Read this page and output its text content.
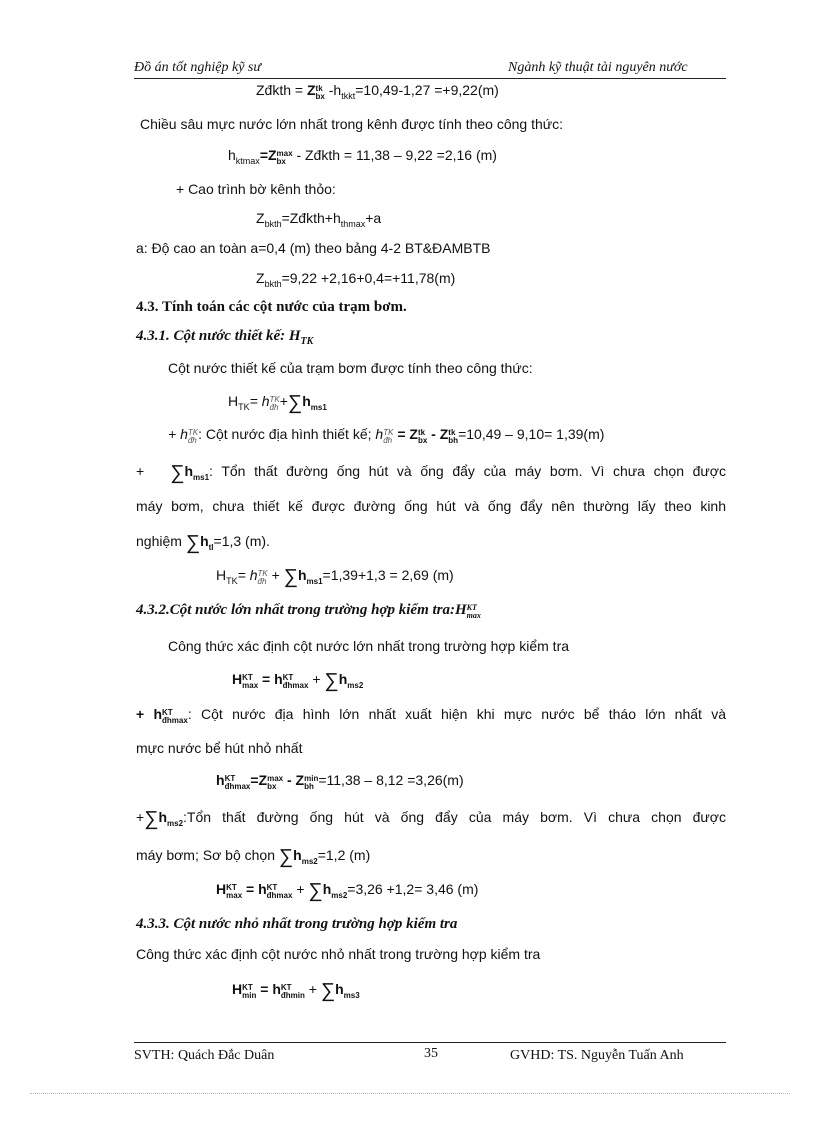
Đồ án tốt nghiệp kỹ sư	Ngành kỹ thuật tài nguyên nước
Zđkth = Z tk
bx $-h_{tkkt}=10,49-1,27 =+9,22(m)$
Chiều sâu mực nước lớn nhất trong kênh được tính theo công thức:
$h_{ktmax}=Z$ max
bx - Zđkth = 11,38 – 9,22 =2,16 (m)
+ Cao trình bờ kênh thỏo:
$Z_{bkth}=Zđkth+h_{thmax}+a$
a: Độ cao an toàn a=0,4 (m) theo bảng 4-2 BT&ĐAMBTB
$Z_{bkth}=9,22 +2,16+0,4=+11,78(m)$
4.3. Tính toán các cột nước của trạm bơm.
4.3.1. Cột nước thiết kế: $H_{TK}$
Cột nước thiết kế của trạm bơm được tính theo công thức:
$H_{TK}= h$ TK
đh $+\sum h_{ms1}$
+ h TK
đh : Cột nước địa hình thiết kế; h TK
đh = Z tk
bx - Z tk
bh =10,49 – 9,10= 1,39(m)
+ $\sum h_{ms1}$: Tổn thất đường ống hút và ống đẩy của máy bơm. Vì chưa chọn được
máy bơm, chưa thiết kế được đường ống hút và ống đẩy nên thường lấy theo kinh
nghiệm $\sum h_{tl}=1,3$ (m).
$H_{TK}= h$ TK
đh + $\sum h_{ms1}=1,39+1,3 = 2,69$ (m)
4.3.2.Cột nước lớn nhất trong trường hợp kiểm tra:H KT
max
Công thức xác định cột nước lớn nhất trong trường hợp kiểm tra
H KT
max = h KT
đhmax + $\sum h_{ms2}$
+ h KT
đhmax : Cột nước địa hình lớn nhất xuất hiện khi mực nước bể tháo lớn nhất và
mực nước bể hút nhỏ nhất
h KT
đhmax =Z max
bx - Z min
bh =11,38 – 8,12 =3,26(m)
$+\sum h_{ms2}:Tổn$ thất đường ống hút và ống đẩy của máy bơm. Vì chưa chọn được
máy bơm; Sơ bộ chọn $\sum h_{ms2}=1,2$ (m)
H KT
max = h KT
đhmax + $\sum h_{ms2}=3,26 +1,2= 3,46$ (m)
4.3.3. Cột nước nhỏ nhất trong trường hợp kiểm tra
Công thức xác định cột nước nhỏ nhất trong trường hợp kiểm tra
H KT
min = h KT
đhmin + $\sum h_{ms3}$
SVTH: Quách Đắc Duân	35	GVHD: TS. Nguyễn Tuấn Anh
